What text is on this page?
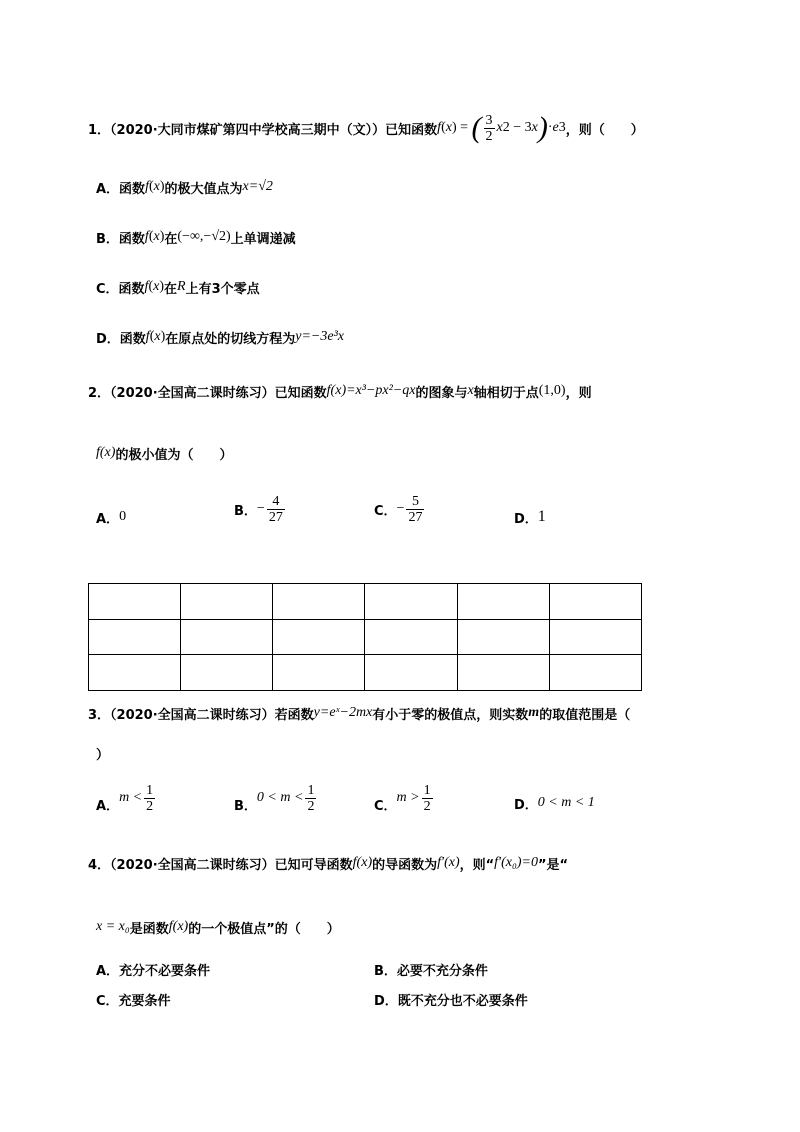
1．（2020·大同市煤矿第四中学校高三期中（文））已知函数 f ( x ) = ( $\frac{3}{2}$ x 2 − 3 x ) · e 3 ，则（　　）
A．函数 f(x) 的极大值点为 x=√2
B．函数 f(x) 在 (−∞,−√2) 上单调递减
C．函数 f(x) 在 R 上有3个零点
D．函数 f(x) 在原点处的切线方程为 y=−3e³x
2．（2020·全国高二课时练习）已知函数 f(x)=x³−px²−qx 的图象与 x 轴相切于点 (1,0) ，则
f(x) 的极小值为（　　）
A． 0	B． − $\frac{4}{27}$	C． − $\frac{5}{27}$	D． 1

3．（2020·全国高二课时练习）若函数 y=eˣ−2mx 有小于零的极值点，则实数 m 的取值范围是（
）
A．
$m < \frac{1}{2}$	B．
$0 < m < \frac{1}{2}$	C．
$m > \frac{1}{2}$	D． 0 < m < 1
4．（2020·全国高二课时练习）已知可导函数 f(x) 的导函数为 f′(x) ，则“ f′(x₀)=0 ”是“
x = x₀ 是函数 f(x) 的一个极值点”的（　　）
A．充分不必要条件	B．必要不充分条件
C．充要条件	D．既不充分也不必要条件
